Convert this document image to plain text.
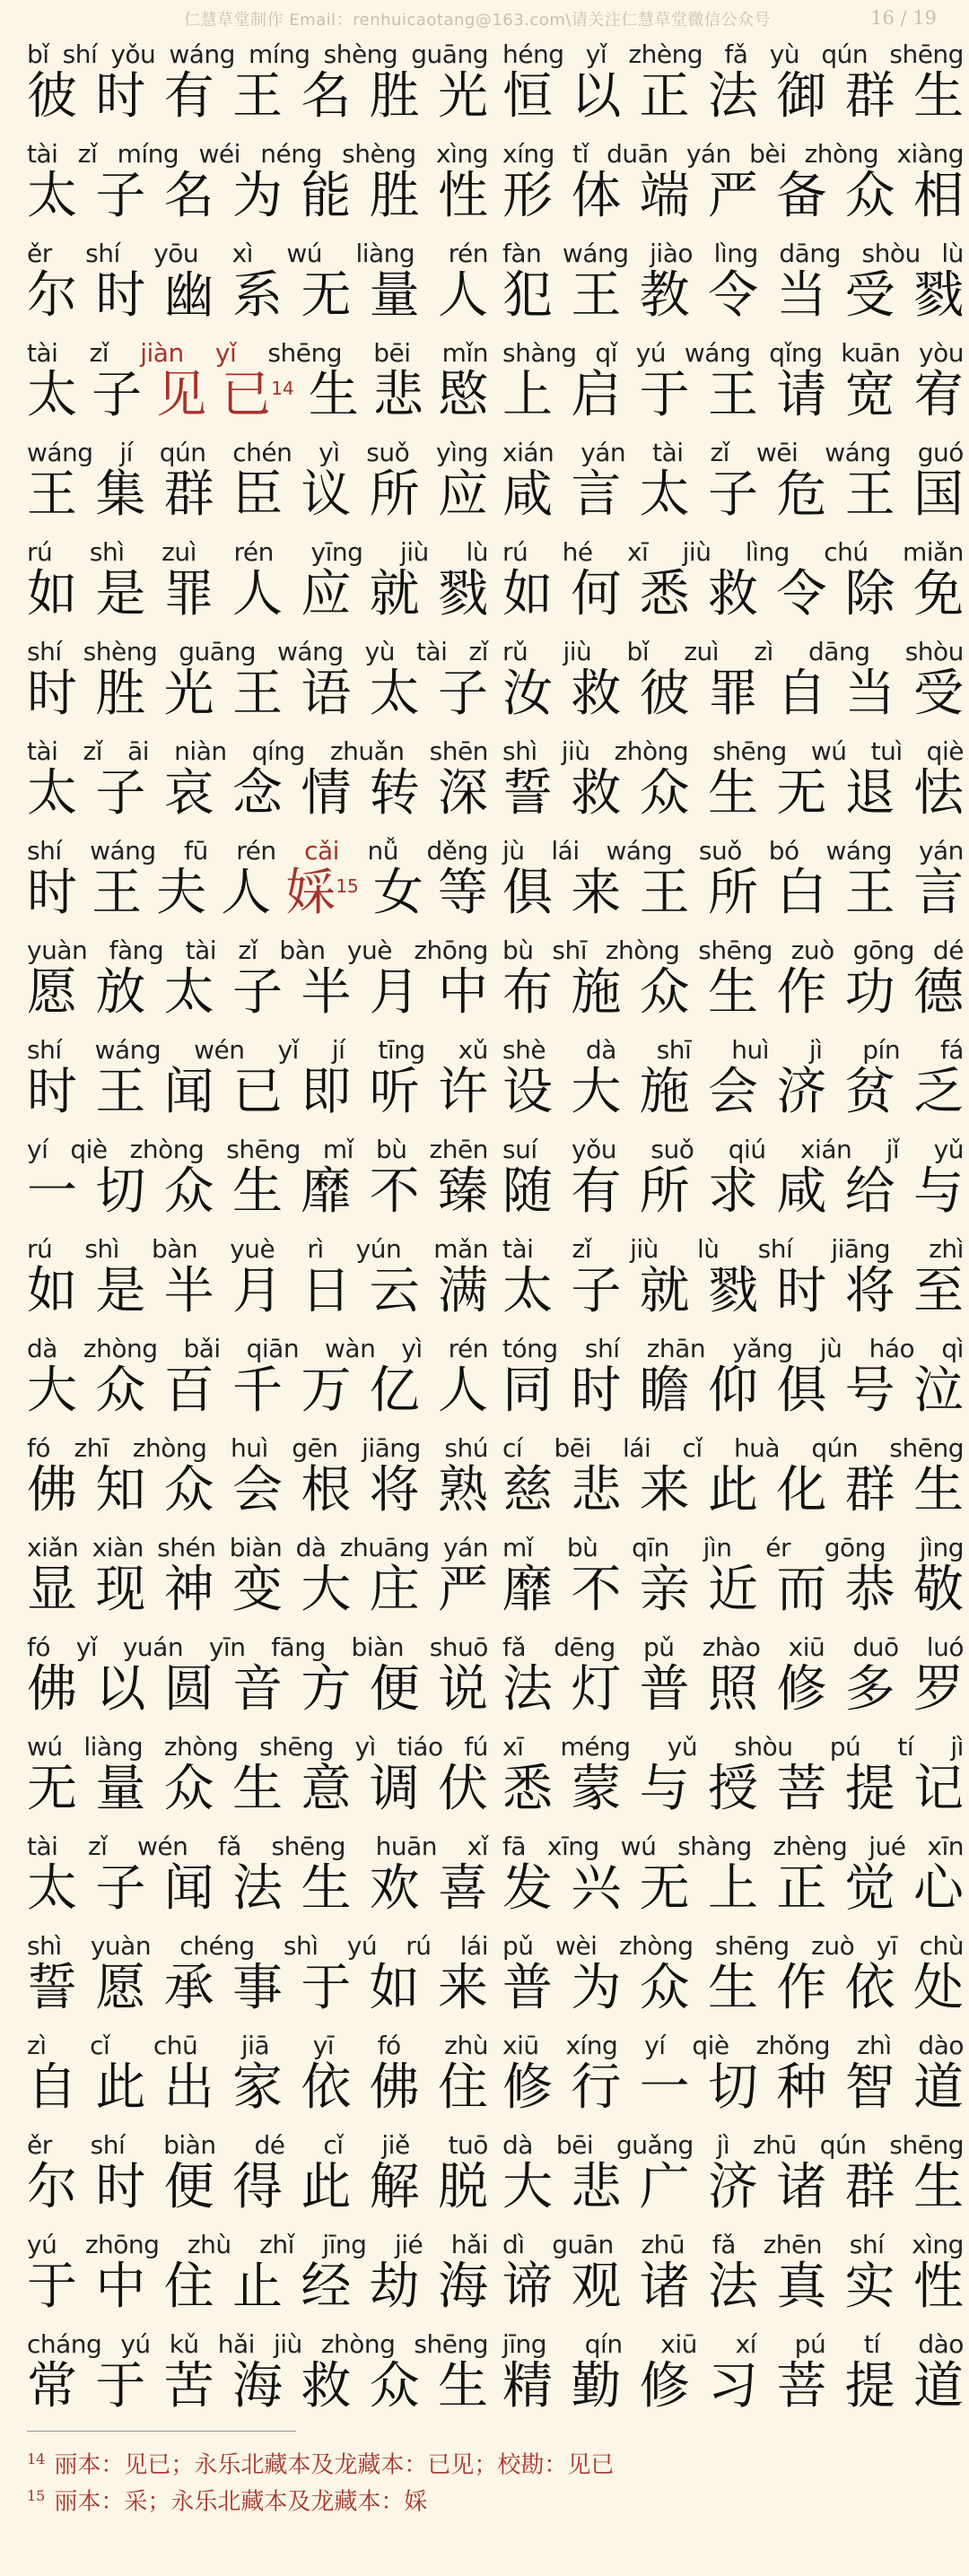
仁慧草堂制作 Email：renhuicaotang@163.com\请关注仁慧草堂微信公众号	16 / 19
bǐ shí yǒu wáng míng shèng guāng
彼 时 有 王 名 胜 光
tài zǐ míng wéi néng shèng xìng
太 子 名 为 能 胜 性
ěr shí yōu xì wú liàng rén
尔 时 幽 系 无 量 人
tài zǐ jiàn yǐ shēng bēi mǐn
太 子 见 已$^{14}$ 生 悲 愍
wáng jí qún chén yì suǒ yìng
王 集 群 臣 议 所 应
rú shì zuì rén yīng jiù lù
如 是 罪 人 应 就 戮
shí shèng guāng wáng yù tài zǐ
时 胜 光 王 语 太 子
tài zǐ āi niàn qíng zhuǎn shēn
太 子 哀 念 情 转 深
shí wáng fū rén cǎi nǚ děng
时 王 夫 人 婇$^{15}$ 女 等
yuàn fàng tài zǐ bàn yuè zhōng
愿 放 太 子 半 月 中
shí wáng wén yǐ jí tīng xǔ
时 王 闻 已 即 听 许
yí qiè zhòng shēng mǐ bù zhēn
一 切 众 生 靡 不 臻
rú shì bàn yuè rì yún mǎn
如 是 半 月 日 云 满
dà zhòng bǎi qiān wàn yì rén
大 众 百 千 万 亿 人
fó zhī zhòng huì gēn jiāng shú
佛 知 众 会 根 将 熟
xiǎn xiàn shén biàn dà zhuāng yán
显 现 神 变 大 庄 严
fó yǐ yuán yīn fāng biàn shuō
佛 以 圆 音 方 便 说
wú liàng zhòng shēng yì tiáo fú
无 量 众 生 意 调 伏
tài zǐ wén fǎ shēng huān xǐ
太 子 闻 法 生 欢 喜
shì yuàn chéng shì yú rú lái
誓 愿 承 事 于 如 来
zì cǐ chū jiā yī fó zhù
自 此 出 家 依 佛 住
ěr shí biàn dé cǐ jiě tuō
尔 时 便 得 此 解 脱
yú zhōng zhù zhǐ jīng jié hǎi
于 中 住 止 经 劫 海
cháng yú kǔ hǎi jiù zhòng shēng
常 于 苦 海 救 众 生
héng yǐ zhèng fǎ yù qún shēng
恒 以 正 法 御 群 生
xíng tǐ duān yán bèi zhòng xiàng
形 体 端 严 备 众 相
fàn wáng jiào lìng dāng shòu lù
犯 王 教 令 当 受 戮
shàng qǐ yú wáng qǐng kuān yòu
上 启 于 王 请 宽 宥
xián yán tài zǐ wēi wáng guó
咸 言 太 子 危 王 国
rú hé xī jiù lìng chú miǎn
如 何 悉 救 令 除 免
rǔ jiù bǐ zuì zì dāng shòu
汝 救 彼 罪 自 当 受
shì jiù zhòng shēng wú tuì qiè
誓 救 众 生 无 退 怯
jù lái wáng suǒ bó wáng yán
俱 来 王 所 白 王 言
bù shī zhòng shēng zuò gōng dé
布 施 众 生 作 功 德
shè dà shī huì jì pín fá
设 大 施 会 济 贫 乏
suí yǒu suǒ qiú xián jǐ yǔ
随 有 所 求 咸 给 与
tài zǐ jiù lù shí jiāng zhì
太 子 就 戮 时 将 至
tóng shí zhān yǎng jù háo qì
同 时 瞻 仰 俱 号 泣
cí bēi lái cǐ huà qún shēng
慈 悲 来 此 化 群 生
mǐ bù qīn jìn ér gōng jìng
靡 不 亲 近 而 恭 敬
fǎ dēng pǔ zhào xiū duō luó
法 灯 普 照 修 多 罗
xī méng yǔ shòu pú tí jì
悉 蒙 与 授 菩 提 记
fā xīng wú shàng zhèng jué xīn
发 兴 无 上 正 觉 心
pǔ wèi zhòng shēng zuò yī chù
普 为 众 生 作 依 处
xiū xíng yí qiè zhǒng zhì dào
修 行 一 切 种 智 道
dà bēi guǎng jì zhū qún shēng
大 悲 广 济 诸 群 生
dì guān zhū fǎ zhēn shí xìng
谛 观 诸 法 真 实 性
jīng qín xiū xí pú tí dào
精 勤 修 习 菩 提 道
$^{14}$ 丽本：见已；永乐北藏本及龙藏本：已见；校勘：见已
$^{15}$ 丽本：采；永乐北藏本及龙藏本：婇
